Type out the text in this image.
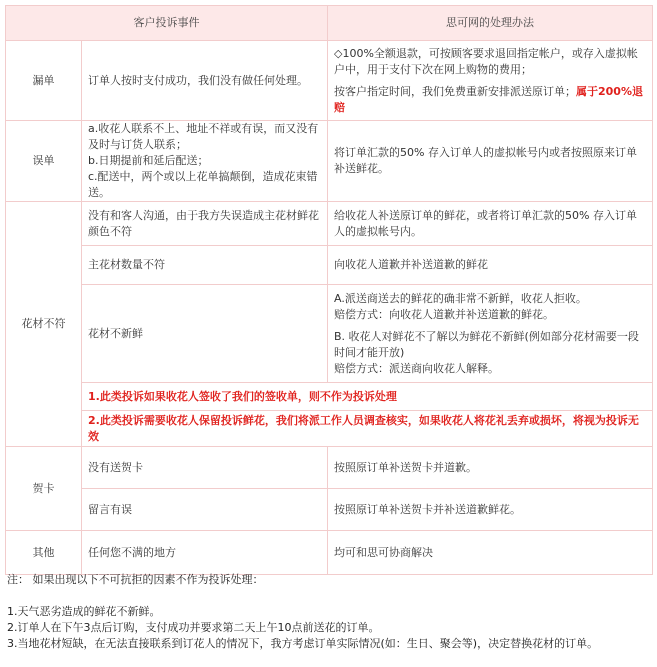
客户投诉事件		思可网的处理办法
漏单	订单人按时支付成功，我们没有做任何处理。	◇100%全额退款，可按顾客要求退回指定帐户，或存入虚拟帐户中，用于支付下次在网上购物的费用；
按客户指定时间，我们免费重新安排派送原订单；属于200%退赔

误单	a.收花人联系不上、地址不祥或有误，而又没有及时与订货人联系；
b.日期提前和延后配送；
c.配送中，两个或以上花单搞颠倒，造成花束错送。	将订单汇款的50% 存入订单人的虚拟帐号内或者按照原来订单补送鲜花。
花材不符	没有和客人沟通，由于我方失误造成主花材鲜花颜色不符	给收花人补送原订单的鲜花，或者将订单汇款的50% 存入订单人的虚拟帐号内。
	主花材数量不符	向收花人道歉并补送道歉的鲜花
	花材不新鲜	A.派送商送去的鲜花的确非常不新鲜，收花人拒收。
赔偿方式：向收花人道歉并补送道歉的鲜花。
B. 收花人对鲜花不了解以为鲜花不新鲜(例如部分花材需要一段时间才能开放)
赔偿方式：派送商向收花人解释。

	1.此类投诉如果收花人签收了我们的签收单，则不作为投诉处理	
	2.此类投诉需要收花人保留投诉鲜花，我们将派工作人员调查核实，如果收花人将花礼丢弃或损坏，将视为投诉无效	
贺卡	没有送贺卡	按照原订单补送贺卡并道歉。
	留言有误	按照原订单补送贺卡并补送道歉鲜花。
其他	任何您不满的地方	均可和思可协商解决
注： 如果出现以下不可抗拒的因素不作为投诉处理：
1.天气恶劣造成的鲜花不新鲜。
2.订单人在下午3点后订购，支付成功并要求第二天上午10点前送花的订单。
3.当地花材短缺，在无法直接联系到订花人的情况下，我方考虑订单实际情况(如：生日、聚会等)，决定替换花材的订单。
